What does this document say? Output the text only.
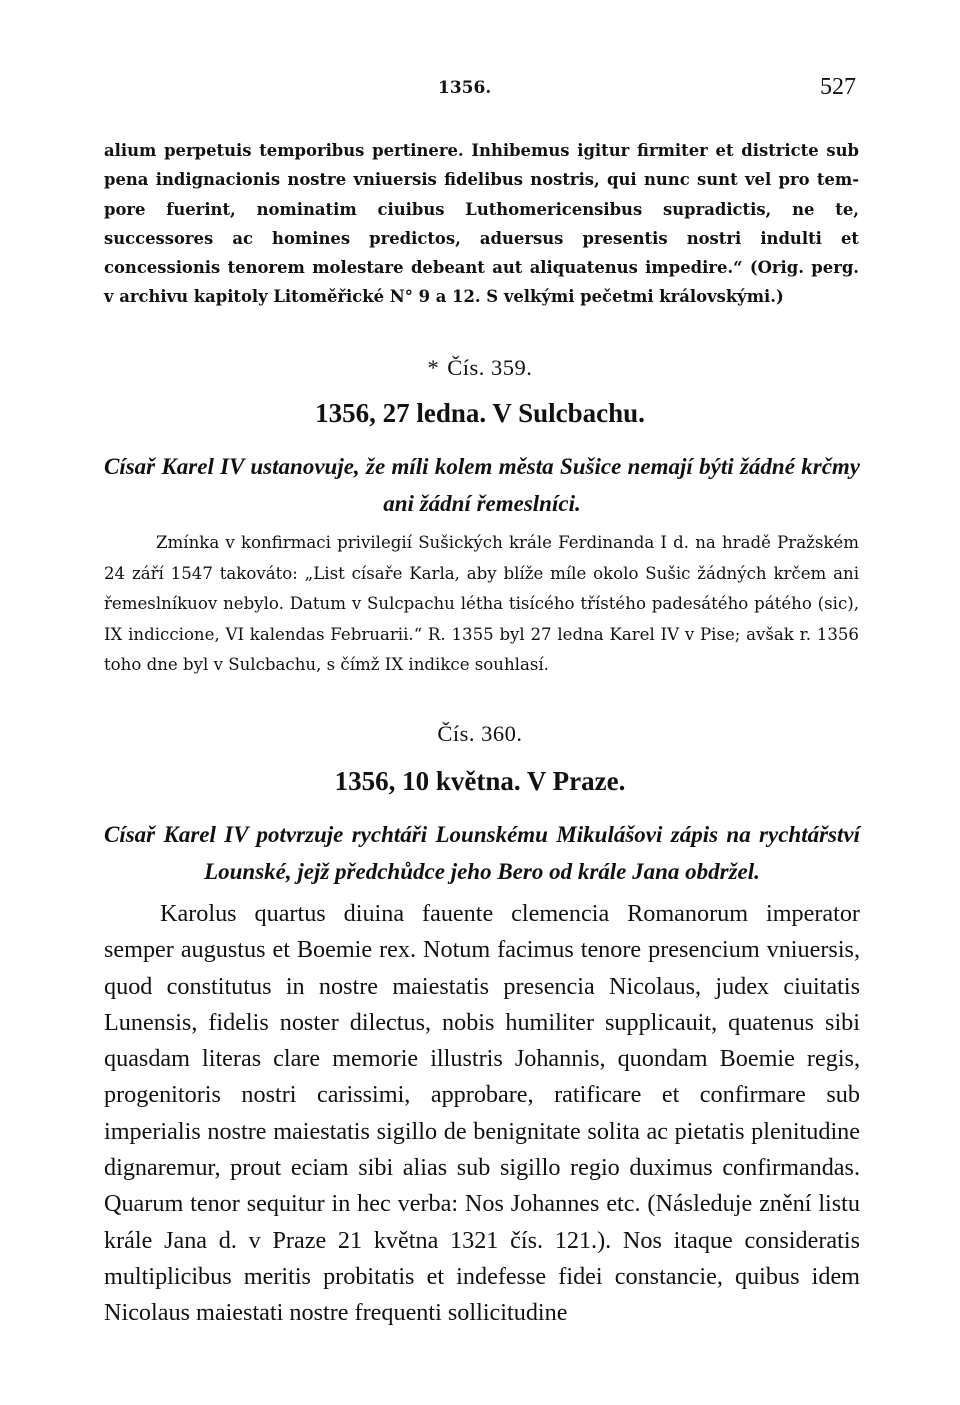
1356.	527

alium perpetuis temporibus pertinere. Inhibemus igitur firmiter et districte sub pena indignacionis nostre vniuersis fidelibus nostris, qui nunc sunt vel pro tempore fuerint, nominatim ciuibus Luthomericensibus supradictis, ne te, successores ac homines predictos, aduersus presentis nostri indulti et concessionis tenorem molestare debeant aut aliquatenus impedire.“ (Orig. perg. v archivu kapitoly Litoměřické N° 9 a 12. S velkými pečetmi královskými.)

* Čís. 359.
1356, 27 ledna. V Sulcbachu.

Císař Karel IV ustanovuje, že míli kolem města Sušice nemají býti žádné krčmy ani žádní řemeslníci.

Zmínka v konfirmaci privilegií Sušických krále Ferdinanda I d. na hradě Pražském 24 září 1547 takováto: „List císaře Karla, aby blíže míle okolo Sušic žádných krčem ani řemeslníkuov nebylo. Datum v Sulcpachu létha tisícého třístého padesátého pátého (sic), IX indiccione, VI kalendas Februarii.“ R. 1355 byl 27 ledna Karel IV v Pise; avšak r. 1356 toho dne byl v Sulcbachu, s čímž IX indikce souhlasí.

Čís. 360.
1356, 10 května. V Praze.

Císař Karel IV potvrzuje rychtáři Lounskému Mikulášovi zápis na rychtářství Lounské, jejž předchůdce jeho Bero od krále Jana obdržel.

Karolus quartus diuina fauente clemencia Romanorum imperator semper augustus et Boemie rex. Notum facimus tenore presencium vniuersis, quod constitutus in nostre maiestatis presencia Nicolaus, judex ciuitatis Lunensis, fidelis noster dilectus, nobis humiliter supplicauit, quatenus sibi quasdam literas clare memorie illustris Johannis, quondam Boemie regis, progenitoris nostri carissimi, approbare, ratificare et confirmare sub imperialis nostre maiestatis sigillo de benignitate solita ac pietatis plenitudine dignaremur, prout eciam sibi alias sub sigillo regio duximus confirmandas. Quarum tenor sequitur in hec verba: Nos Johannes etc. (Následuje znění listu krále Jana d. v Praze 21 května 1321 čís. 121.). Nos itaque consideratis multiplicibus meritis probitatis et indefesse fidei constancie, quibus idem Nicolaus maiestati nostre frequenti sollicitudine
